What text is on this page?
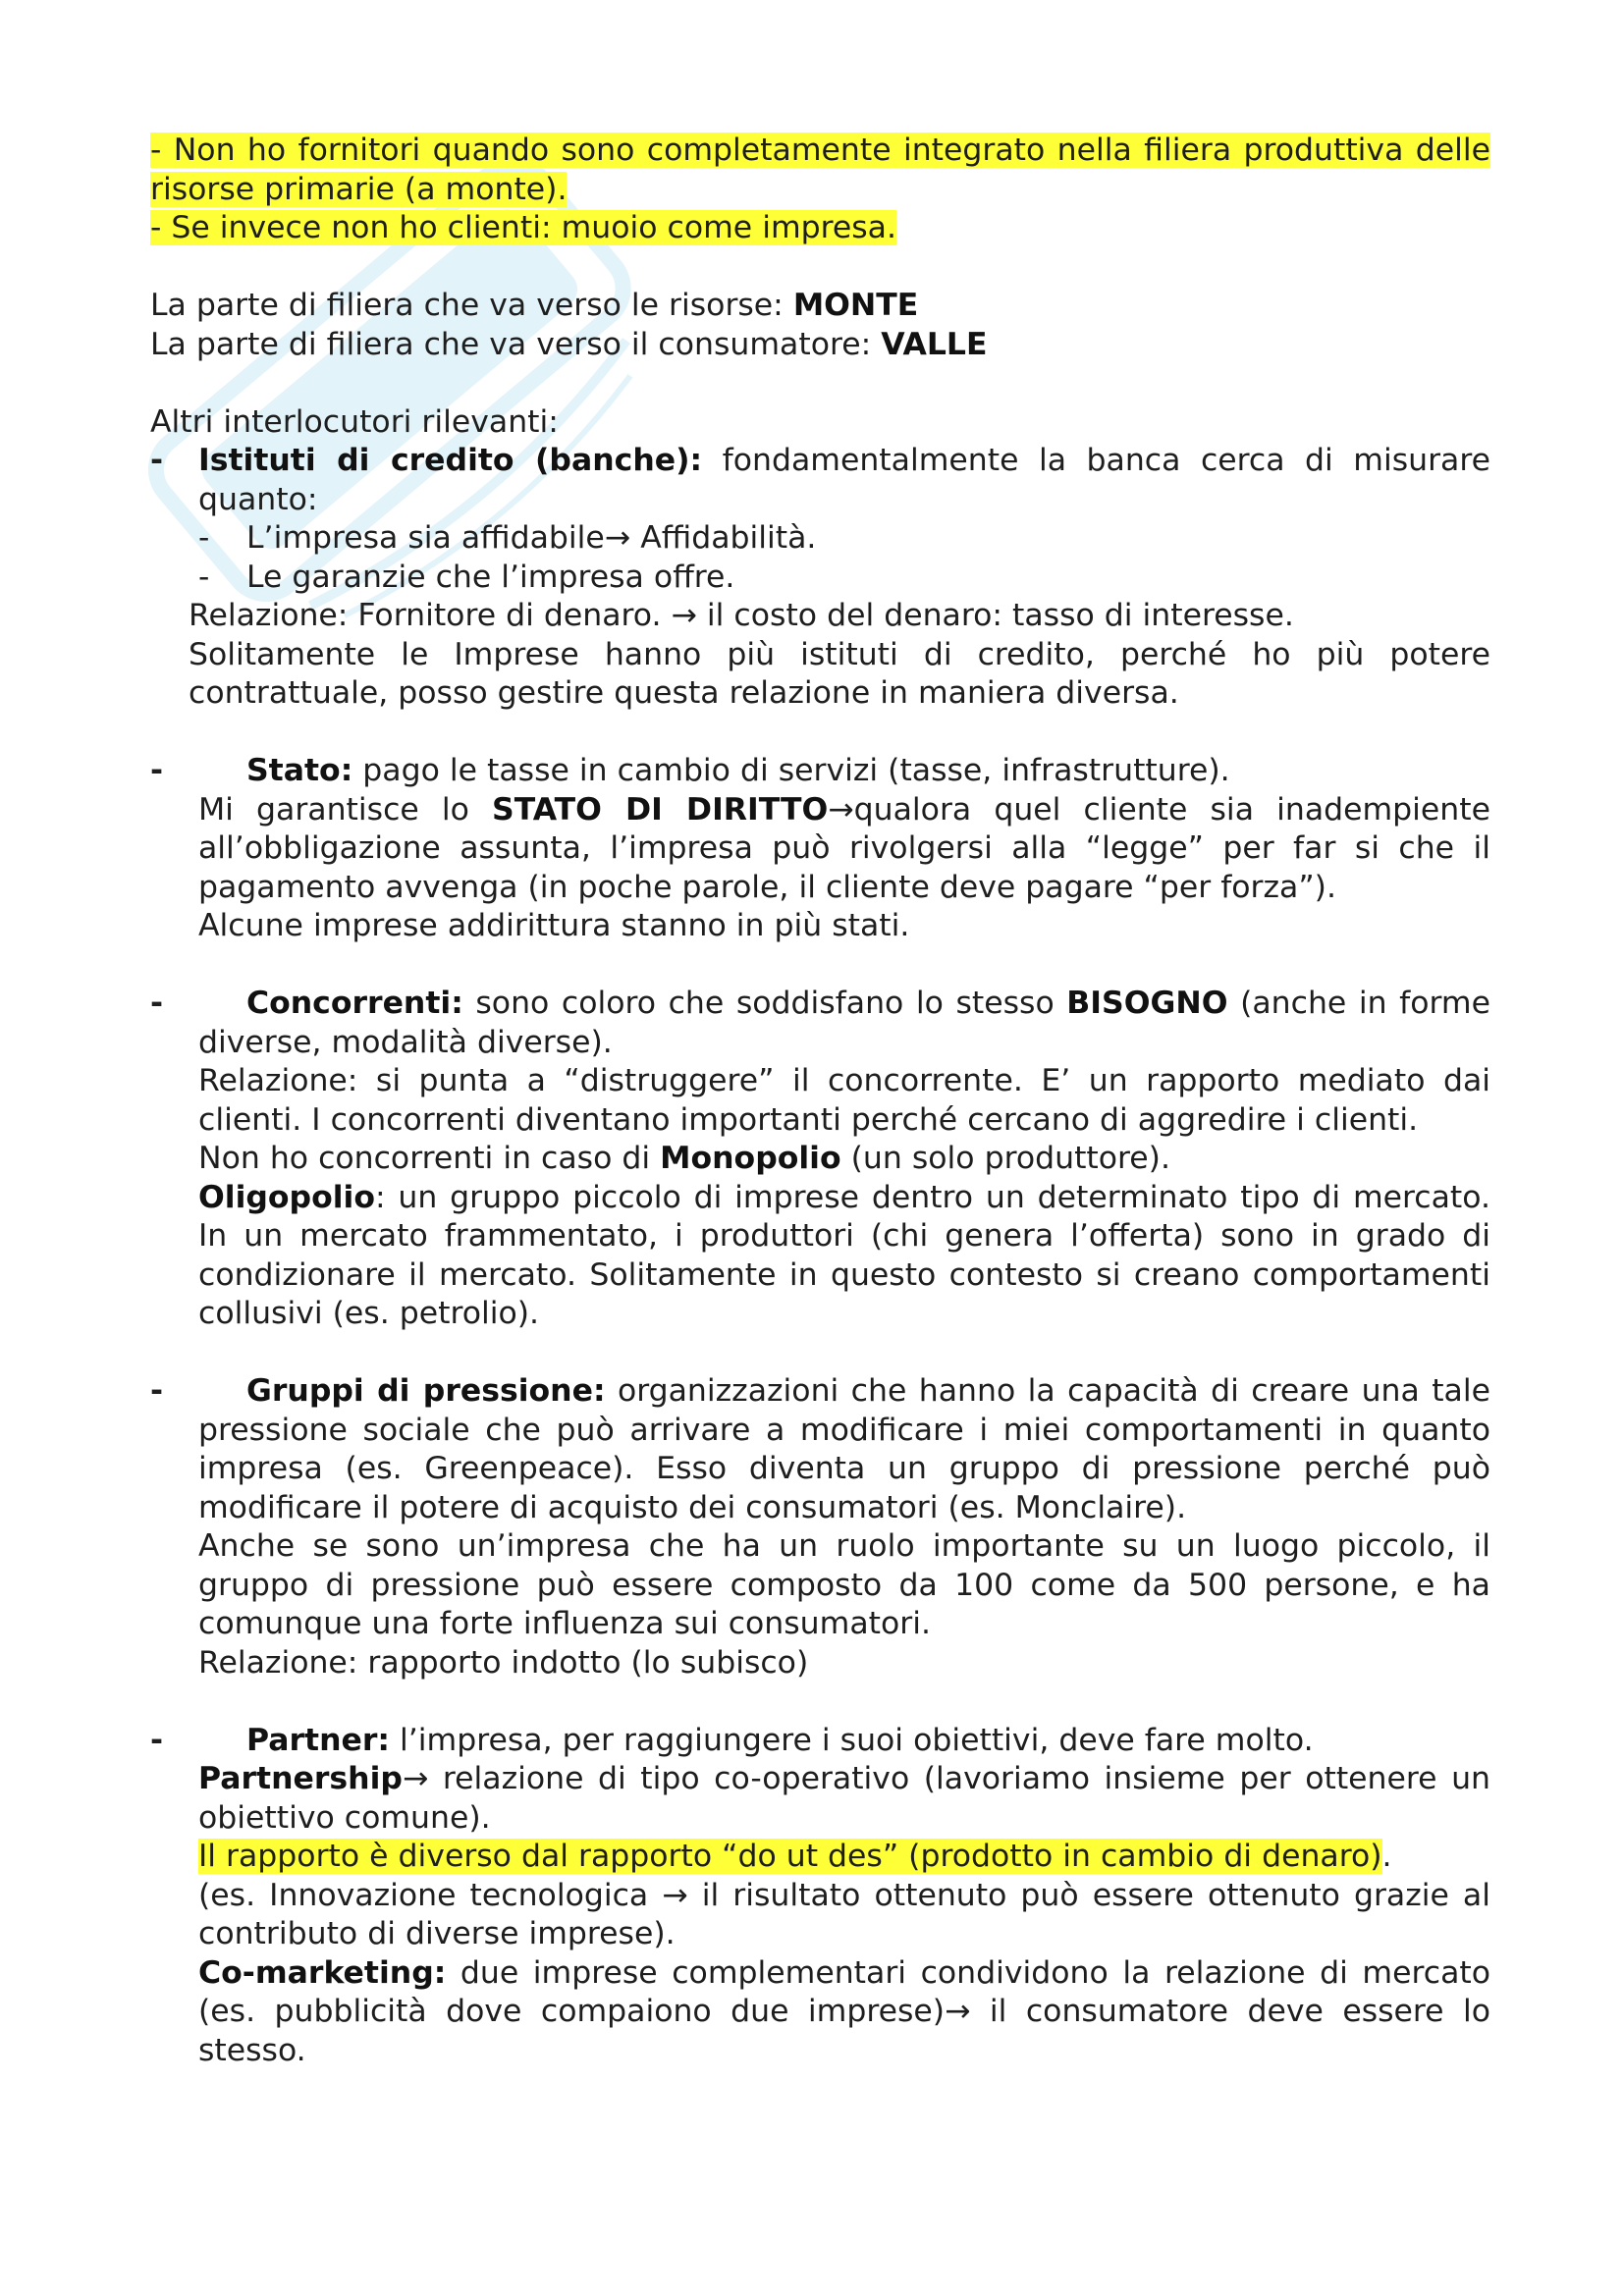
- Non ho fornitori quando sono completamente integrato nella filiera produttiva delle risorse primarie (a monte).

- Se invece non ho clienti: muoio come impresa.

La parte di filiera che va verso le risorse: MONTE

La parte di filiera che va verso il consumatore: VALLE

Altri interlocutori rilevanti:

- Istituti di credito (banche): fondamentalmente la banca cerca di misurare quanto:

- L’impresa sia affidabile→ Affidabilità.

- Le garanzie che l’impresa offre.

Relazione: Fornitore di denaro. → il costo del denaro: tasso di interesse.

Solitamente le Imprese hanno più istituti di credito, perché ho più potere contrattuale, posso gestire questa relazione in maniera diversa.

-	Stato: pago le tasse in cambio di servizi (tasse, infrastrutture).

Mi garantisce lo STATO DI DIRITTO→qualora quel cliente sia inadempiente all’obbligazione assunta, l’impresa può rivolgersi alla “legge” per far si che il pagamento avvenga (in poche parole, il cliente deve pagare “per forza”).

Alcune imprese addirittura stanno in più stati.

-	Concorrenti: sono coloro che soddisfano lo stesso BISOGNO (anche in forme diverse, modalità diverse).

Relazione: si punta a “distruggere” il concorrente. E’ un rapporto mediato dai clienti. I concorrenti diventano importanti perché cercano di aggredire i clienti.

Non ho concorrenti in caso di Monopolio (un solo produttore).

Oligopolio: un gruppo piccolo di imprese dentro un determinato tipo di mercato. In un mercato frammentato, i produttori (chi genera l’offerta) sono in grado di condizionare il mercato. Solitamente in questo contesto si creano comportamenti collusivi (es. petrolio).

-	Gruppi di pressione: organizzazioni che hanno la capacità di creare una tale pressione sociale che può arrivare a modificare i miei comportamenti in quanto impresa (es. Greenpeace). Esso diventa un gruppo di pressione perché può modificare il potere di acquisto dei consumatori (es. Monclaire).

Anche se sono un’impresa che ha un ruolo importante su un luogo piccolo, il gruppo di pressione può essere composto da 100 come da 500 persone, e ha comunque una forte influenza sui consumatori.

Relazione: rapporto indotto (lo subisco)

-	Partner: l’impresa, per raggiungere i suoi obiettivi, deve fare molto.

Partnership→ relazione di tipo co-operativo (lavoriamo insieme per ottenere un obiettivo comune).

Il rapporto è diverso dal rapporto “do ut des” (prodotto in cambio di denaro).

(es. Innovazione tecnologica → il risultato ottenuto può essere ottenuto grazie al contributo di diverse imprese).

Co-marketing: due imprese complementari condividono la relazione di mercato (es. pubblicità dove compaiono due imprese)→ il consumatore deve essere lo stesso.
